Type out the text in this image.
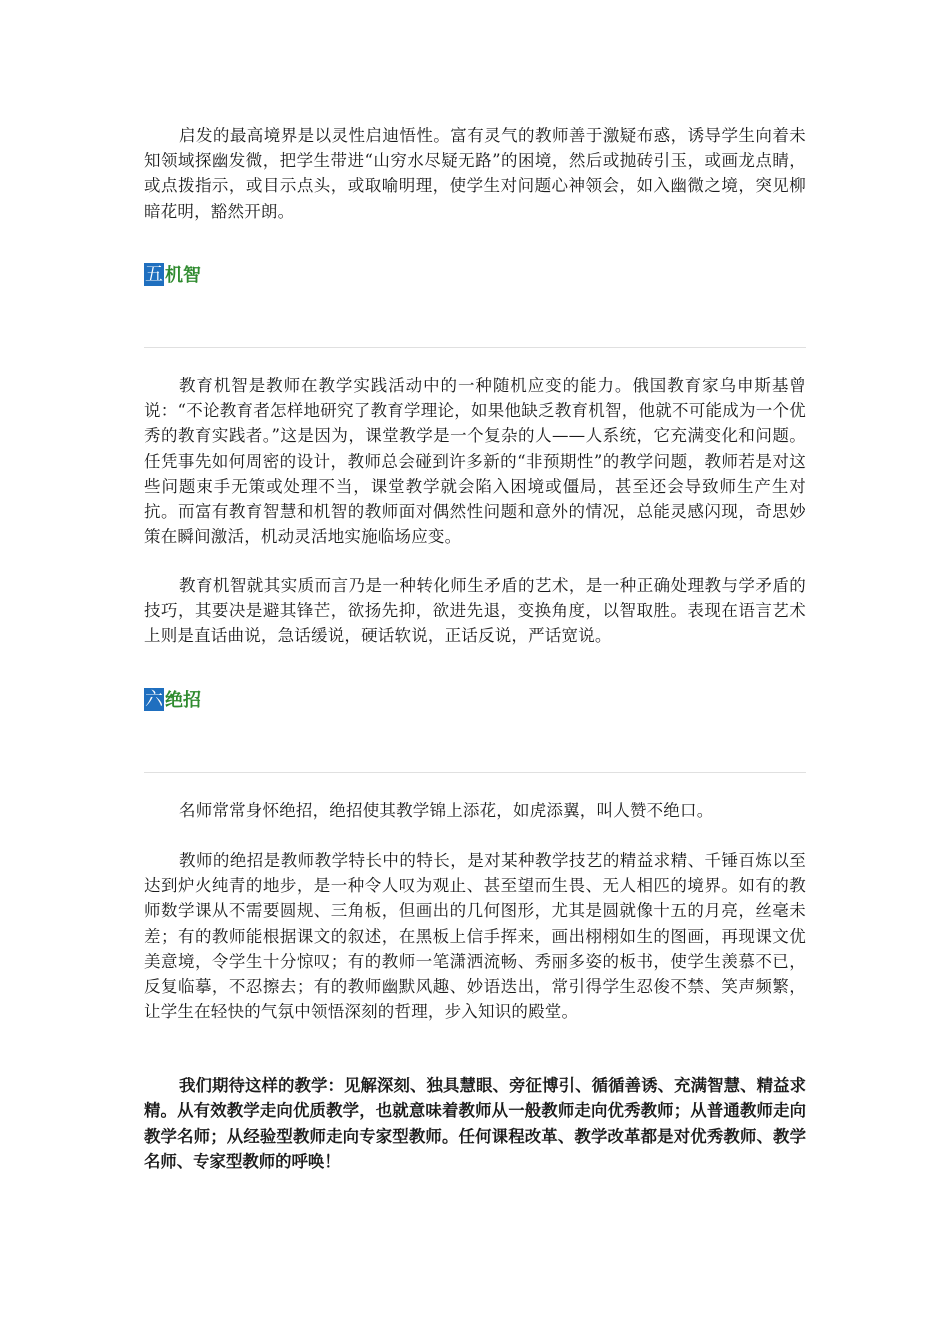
启发的最高境界是以灵性启迪悟性。富有灵气的教师善于激疑布惑，诱导学生向着未知领域探幽发微，把学生带进“山穷水尽疑无路”的困境，然后或抛砖引玉，或画龙点睛，或点拨指示，或目示点头，或取喻明理，使学生对问题心神领会，如入幽微之境，突见柳暗花明，豁然开朗。

五 机智

教育机智是教师在教学实践活动中的一种随机应变的能力。俄国教育家乌申斯基曾说：“不论教育者怎样地研究了教育学理论，如果他缺乏教育机智，他就不可能成为一个优秀的教育实践者。”这是因为，课堂教学是一个复杂的人——人系统，它充满变化和问题。任凭事先如何周密的设计，教师总会碰到许多新的“非预期性”的教学问题，教师若是对这些问题束手无策或处理不当，课堂教学就会陷入困境或僵局，甚至还会导致师生产生对抗。而富有教育智慧和机智的教师面对偶然性问题和意外的情况，总能灵感闪现，奇思妙策在瞬间激活，机动灵活地实施临场应变。

教育机智就其实质而言乃是一种转化师生矛盾的艺术，是一种正确处理教与学矛盾的技巧，其要决是避其锋芒，欲扬先抑，欲进先退，变换角度，以智取胜。表现在语言艺术上则是直话曲说，急话缓说，硬话软说，正话反说，严话宽说。

六 绝招

名师常常身怀绝招，绝招使其教学锦上添花，如虎添翼，叫人赞不绝口。

教师的绝招是教师教学特长中的特长，是对某种教学技艺的精益求精、千锤百炼以至达到炉火纯青的地步，是一种令人叹为观止、甚至望而生畏、无人相匹的境界。如有的教师数学课从不需要圆规、三角板，但画出的几何图形，尤其是圆就像十五的月亮，丝毫未差；有的教师能根据课文的叙述，在黑板上信手挥来，画出栩栩如生的图画，再现课文优美意境，令学生十分惊叹；有的教师一笔潇洒流畅、秀丽多姿的板书，使学生羡慕不已，反复临摹，不忍擦去；有的教师幽默风趣、妙语迭出，常引得学生忍俊不禁、笑声频繁，让学生在轻快的气氛中领悟深刻的哲理，步入知识的殿堂。

我们期待这样的教学：见解深刻、独具慧眼、旁征博引、循循善诱、充满智慧、精益求精。从有效教学走向优质教学，也就意味着教师从一般教师走向优秀教师；从普通教师走向教学名师；从经验型教师走向专家型教师。任何课程改革、教学改革都是对优秀教师、教学名师、专家型教师的呼唤！
